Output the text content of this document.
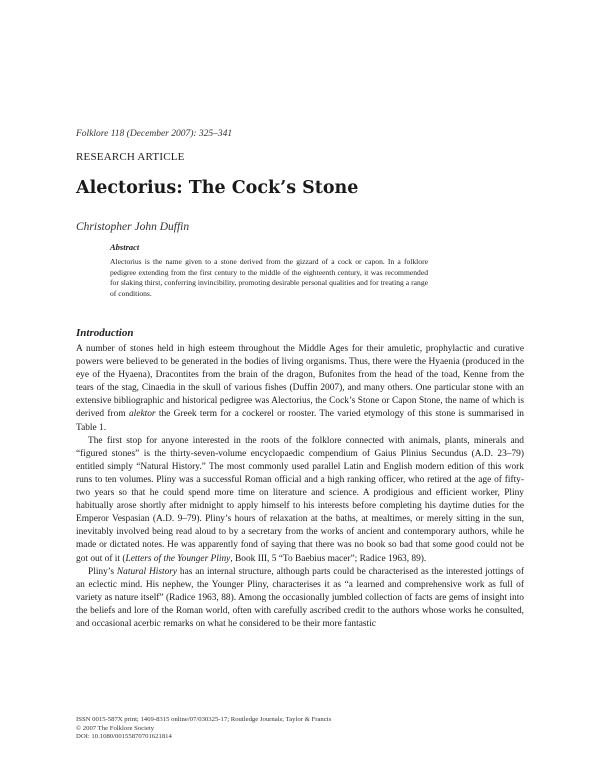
Folklore 118 (December 2007): 325–341
RESEARCH ARTICLE
Alectorius: The Cock’s Stone
Christopher John Duffin
Abstract
Alectorius is the name given to a stone derived from the gizzard of a cock or capon. In a folklore pedigree extending from the first century to the middle of the eighteenth century, it was recommended for slaking thirst, conferring invincibility, promoting desirable personal qualities and for treating a range of conditions.
Introduction

A number of stones held in high esteem throughout the Middle Ages for their amuletic, prophylactic and curative powers were believed to be generated in the bodies of living organisms. Thus, there were the Hyaenia (produced in the eye of the Hyaena), Dracontites from the brain of the dragon, Bufonites from the head of the toad, Kenne from the tears of the stag, Cinaedia in the skull of various fishes (Duffin 2007), and many others. One particular stone with an extensive bibliographic and historical pedigree was Alectorius, the Cock’s Stone or Capon Stone, the name of which is derived from alektor the Greek term for a cockerel or rooster. The varied etymology of this stone is summarised in Table 1.

The first stop for anyone interested in the roots of the folklore connected with animals, plants, minerals and “figured stones” is the thirty-seven-volume encyclopaedic compendium of Gaius Plinius Secundus (A.D. 23–79) entitled simply “Natural History.” The most commonly used parallel Latin and English modern edition of this work runs to ten volumes. Pliny was a successful Roman official and a high ranking officer, who retired at the age of fifty-two years so that he could spend more time on literature and science. A prodigious and efficient worker, Pliny habitually arose shortly after midnight to apply himself to his interests before completing his daytime duties for the Emperor Vespasian (A.D. 9–79). Pliny’s hours of relaxation at the baths, at mealtimes, or merely sitting in the sun, inevitably involved being read aloud to by a secretary from the works of ancient and contemporary authors, while he made or dictated notes. He was apparently fond of saying that there was no book so bad that some good could not be got out of it (Letters of the Younger Pliny, Book III, 5 “To Baebius macer”; Radice 1963, 89).

Pliny’s Natural History has an internal structure, although parts could be characterised as the interested jottings of an eclectic mind. His nephew, the Younger Pliny, characterises it as “a learned and comprehensive work as full of variety as nature itself” (Radice 1963, 88). Among the occasionally jumbled collection of facts are gems of insight into the beliefs and lore of the Roman world, often with carefully ascribed credit to the authors whose works he consulted, and occasional acerbic remarks on what he considered to be their more fantastic

ISSN 0015-587X print; 1469-8315 online/07/030325-17; Routledge Journals; Taylor & Francis
© 2007 The Folklore Society
DOI: 10.1080/00155870701621814
